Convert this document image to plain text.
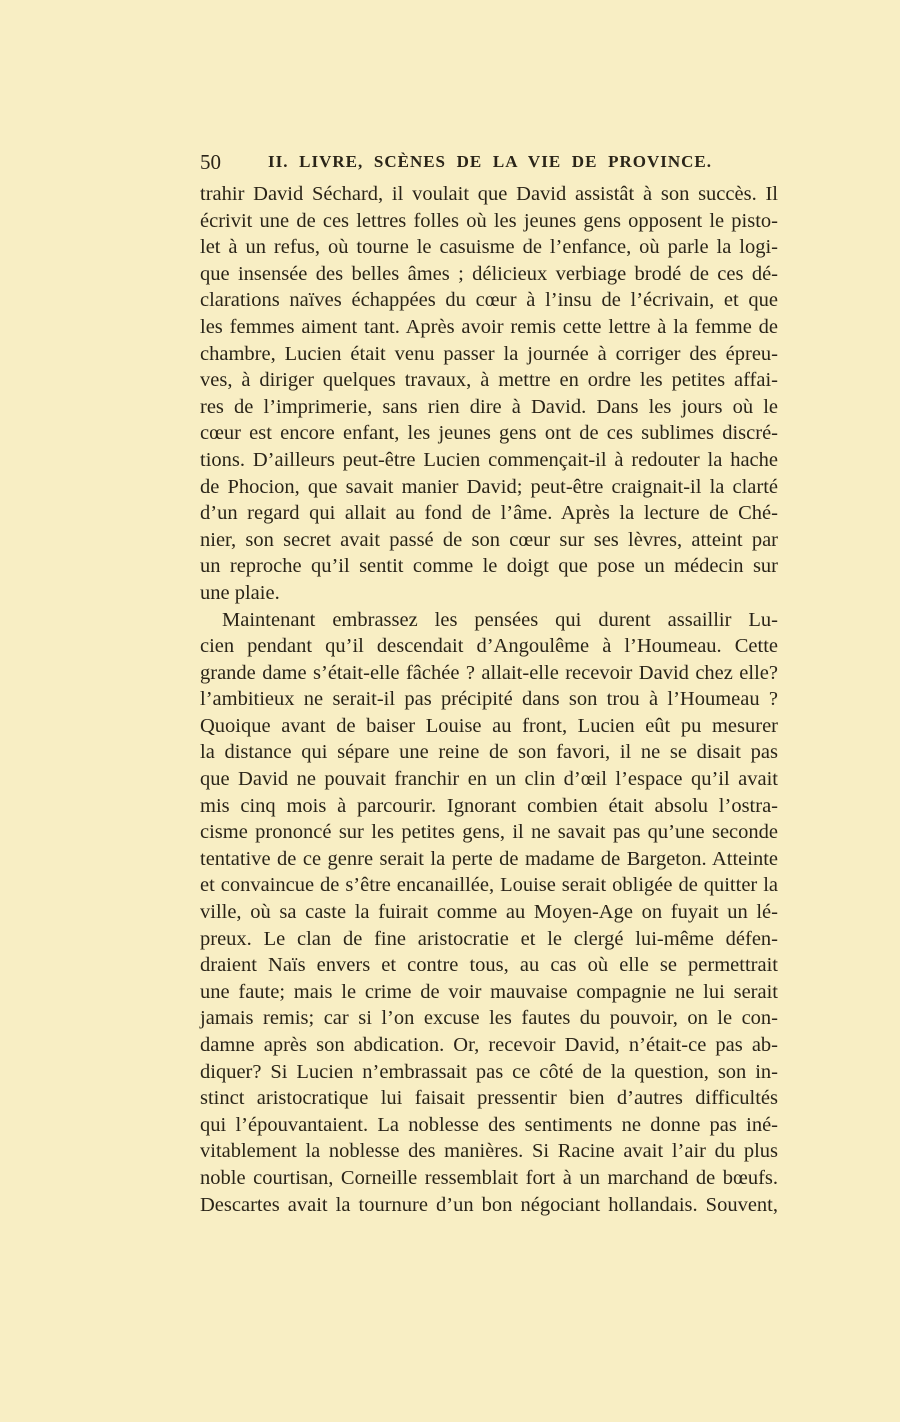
50	II. LIVRE, SCÈNES DE LA VIE DE PROVINCE.
trahir David Séchard, il voulait que David assistât à son succès. Il
écrivit une de ces lettres folles où les jeunes gens opposent le pisto-
let à un refus, où tourne le casuisme de l’enfance, où parle la logi-
que insensée des belles âmes ; délicieux verbiage brodé de ces dé-
clarations naïves échappées du cœur à l’insu de l’écrivain, et que
les femmes aiment tant. Après avoir remis cette lettre à la femme de
chambre, Lucien était venu passer la journée à corriger des épreu-
ves, à diriger quelques travaux, à mettre en ordre les petites affai-
res de l’imprimerie, sans rien dire à David. Dans les jours où le
cœur est encore enfant, les jeunes gens ont de ces sublimes discré-
tions. D’ailleurs peut-être Lucien commençait-il à redouter la hache
de Phocion, que savait manier David; peut-être craignait-il la clarté
d’un regard qui allait au fond de l’âme. Après la lecture de Ché-
nier, son secret avait passé de son cœur sur ses lèvres, atteint par
un reproche qu’il sentit comme le doigt que pose un médecin sur
une plaie.
Maintenant embrassez les pensées qui durent assaillir Lu-
cien pendant qu’il descendait d’Angoulême à l’Houmeau. Cette
grande dame s’était-elle fâchée ? allait-elle recevoir David chez elle?
l’ambitieux ne serait-il pas précipité dans son trou à l’Houmeau ?
Quoique avant de baiser Louise au front, Lucien eût pu mesurer
la distance qui sépare une reine de son favori, il ne se disait pas
que David ne pouvait franchir en un clin d’œil l’espace qu’il avait
mis cinq mois à parcourir. Ignorant combien était absolu l’ostra-
cisme prononcé sur les petites gens, il ne savait pas qu’une seconde
tentative de ce genre serait la perte de madame de Bargeton. Atteinte
et convaincue de s’être encanaillée, Louise serait obligée de quitter la
ville, où sa caste la fuirait comme au Moyen-Age on fuyait un lé-
preux. Le clan de fine aristocratie et le clergé lui-même défen-
draient Naïs envers et contre tous, au cas où elle se permettrait
une faute; mais le crime de voir mauvaise compagnie ne lui serait
jamais remis; car si l’on excuse les fautes du pouvoir, on le con-
damne après son abdication. Or, recevoir David, n’était-ce pas ab-
diquer? Si Lucien n’embrassait pas ce côté de la question, son in-
stinct aristocratique lui faisait pressentir bien d’autres difficultés
qui l’épouvantaient. La noblesse des sentiments ne donne pas iné-
vitablement la noblesse des manières. Si Racine avait l’air du plus
noble courtisan, Corneille ressemblait fort à un marchand de bœufs.
Descartes avait la tournure d’un bon négociant hollandais. Souvent,
